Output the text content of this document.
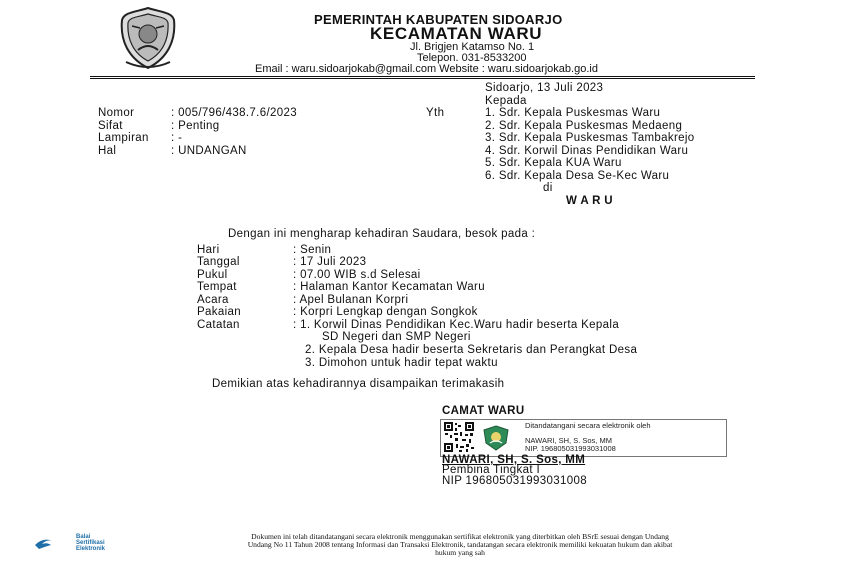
PEMERINTAH KABUPATEN SIDOARJO
KECAMATAN WARU
Jl. Brigjen Katamso No. 1
Telepon. 031-8533200
Email : waru.sidoarjokab@gmail.com Website : waru.sidoarjokab.go.id
Sidoarjo, 13 Juli 2023
Kepada
Nomor	: 005/796/438.7.6/2023
Sifat	: Penting
Lampiran : -
Hal	: UNDANGAN
Yth	1. Sdr. Kepala Puskesmas Waru
2. Sdr. Kepala Puskesmas Medaeng
3. Sdr. Kepala Puskesmas Tambakrejo
4. Sdr. Korwil Dinas Pendidikan Waru
5. Sdr. Kepala KUA Waru
6. Sdr. Kepala Desa Se-Kec Waru
di
W A R U
Dengan ini mengharap kehadiran Saudara, besok pada :
Hari	: Senin
Tanggal	: 17 Juli 2023
Pukul	: 07.00 WIB s.d Selesai
Tempat	: Halaman Kantor Kecamatan Waru
Acara	: Apel Bulanan Korpri
Pakaian	: Korpri Lengkap dengan Songkok
Catatan	: 1. Korwil Dinas Pendidikan Kec.Waru hadir beserta Kepala
SD Negeri dan SMP Negeri
2. Kepala Desa hadir beserta Sekretaris dan Perangkat Desa
3. Dimohon untuk hadir tepat waktu
Demikian atas kehadirannya disampaikan terimakasih
CAMAT WARU
Ditandatangani secara elektronik oleh
NAWARI, SH, S. Sos, MM
NIP. 196805031993031008
NAWARI, SH, S. Sos, MM
Pembina Tingkat I
NIP 196805031993031008
Balai
Sertifikasi
Elektronik
Dokumen ini telah ditandatangani secara elektronik menggunakan sertifikat elektronik yang diterbitkan oleh BSrE sesuai dengan Undang
Undang No 11 Tahun 2008 tentang Informasi dan Transaksi Elektronik, tandatangan secara elektronik memiliki kekuatan hukum dan akibat
hukum yang sah
